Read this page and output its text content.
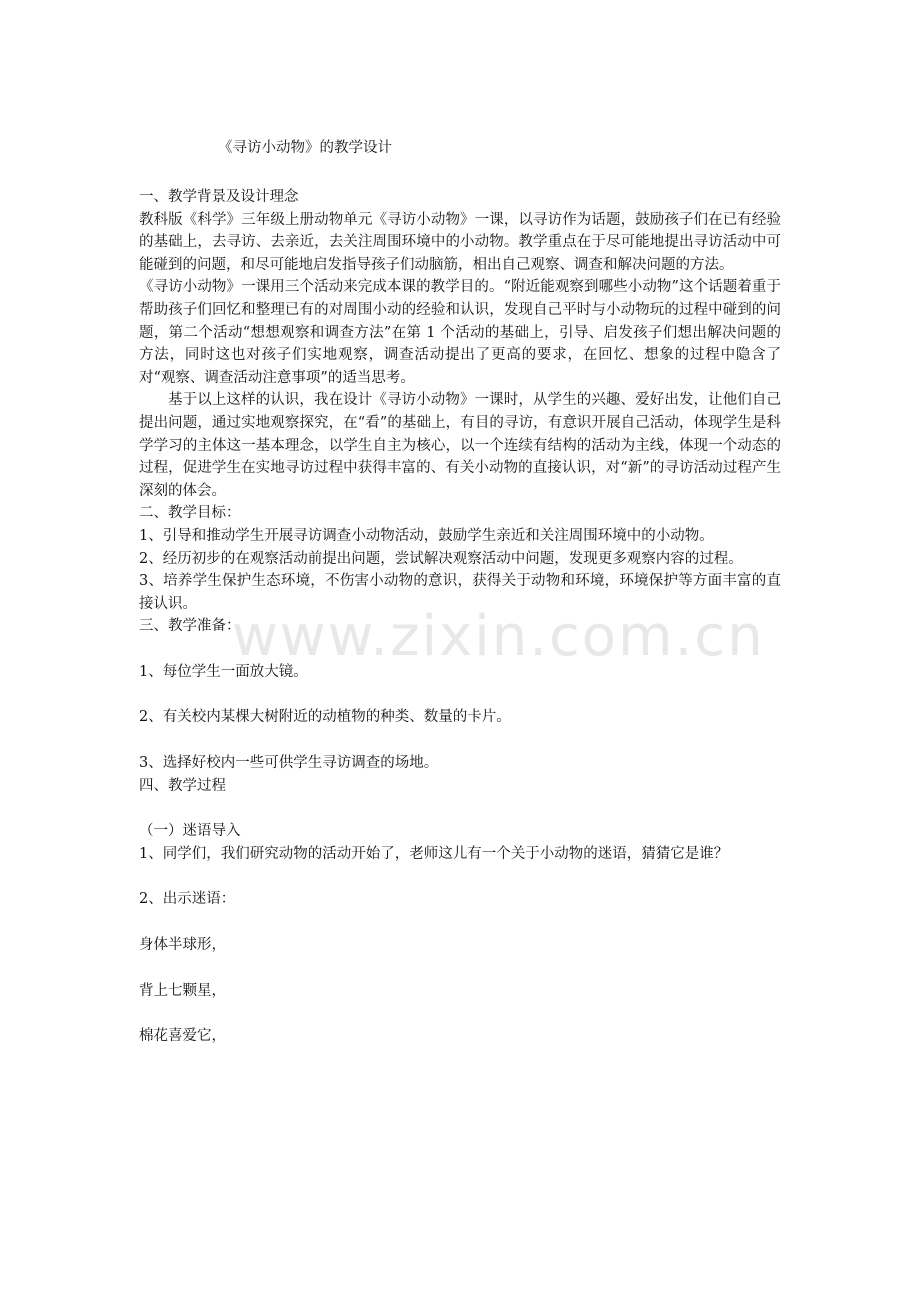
www.zixin.com.cn
《寻访小动物》的教学设计

一、教学背景及设计理念

教科版《科学》三年级上册动物单元《寻访小动物》一课，以寻访作为话题，鼓励孩子们在已有经验的基础上，去寻访、去亲近，去关注周围环境中的小动物。教学重点在于尽可能地提出寻访活动中可能碰到的问题，和尽可能地启发指导孩子们动脑筋，相出自己观察、调查和解决问题的方法。

《寻访小动物》一课用三个活动来完成本课的教学目的。“附近能观察到哪些小动物”这个话题着重于帮助孩子们回忆和整理已有的对周围小动的经验和认识，发现自己平时与小动物玩的过程中碰到的问题，第二个活动“想想观察和调查方法”在第 1 个活动的基础上，引导、启发孩子们想出解决问题的方法，同时这也对孩子们实地观察，调查活动提出了更高的要求，在回忆、想象的过程中隐含了对“观察、调查活动注意事项”的适当思考。

基于以上这样的认识，我在设计《寻访小动物》一课时，从学生的兴趣、爱好出发，让他们自己提出问题，通过实地观察探究，在“看”的基础上，有目的寻访，有意识开展自己活动，体现学生是科学学习的主体这一基本理念，以学生自主为核心，以一个连续有结构的活动为主线，体现一个动态的过程，促进学生在实地寻访过程中获得丰富的、有关小动物的直接认识，对“新”的寻访活动过程产生深刻的体会。

二、教学目标：

1、引导和推动学生开展寻访调查小动物活动，鼓励学生亲近和关注周围环境中的小动物。

2、经历初步的在观察活动前提出问题，尝试解决观察活动中问题，发现更多观察内容的过程。

3、培养学生保护生态环境，不伤害小动物的意识，获得关于动物和环境，环境保护等方面丰富的直接认识。

三、教学准备：

1、每位学生一面放大镜。

2、有关校内某棵大树附近的动植物的种类、数量的卡片。

3、选择好校内一些可供学生寻访调查的场地。

四、教学过程

（一）迷语导入

1、同学们，我们研究动物的活动开始了，老师这儿有一个关于小动物的迷语，猜猜它是谁？

2、出示迷语：

身体半球形，

背上七颗星，

棉花喜爱它，
